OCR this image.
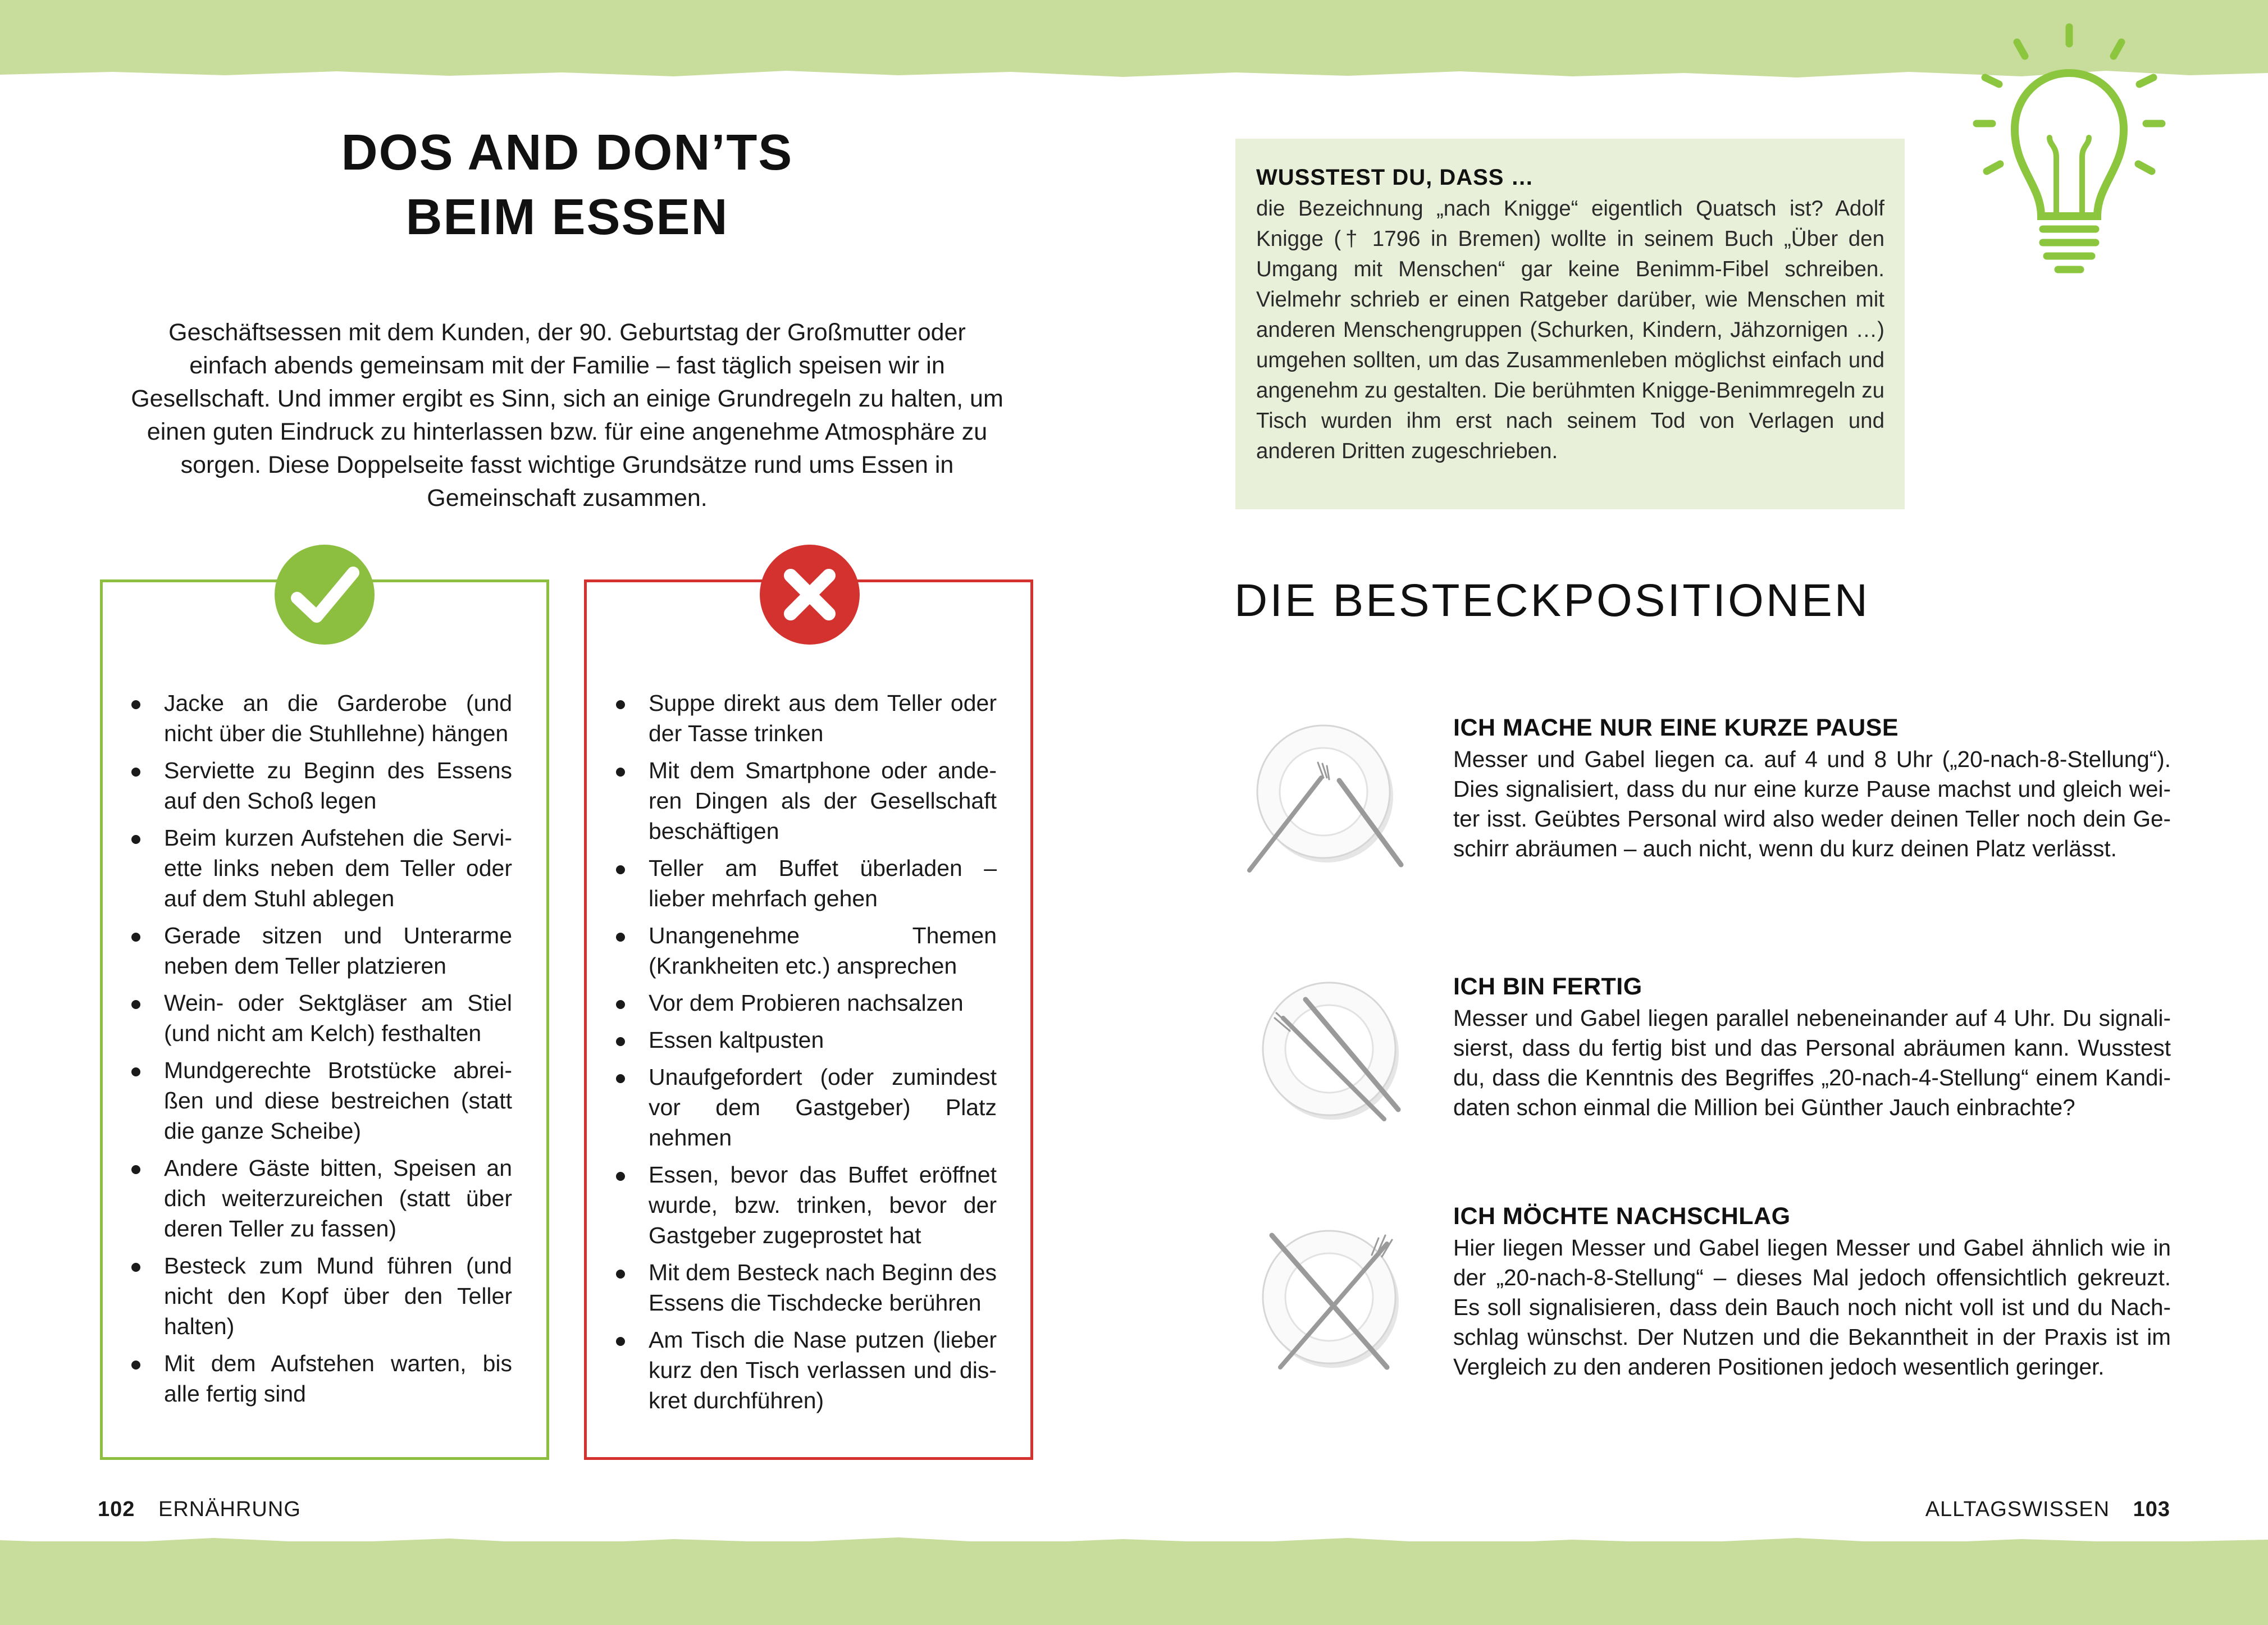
DOS AND DON’TS
BEIM ESSEN
Geschäftsessen mit dem Kunden, der 90. Geburtstag der Großmutter oder einfach abends gemeinsam mit der Familie – fast täglich speisen wir in Gesellschaft. Und immer ergibt es Sinn, sich an einige Grundregeln zu halten, um einen guten Eindruck zu hinterlassen bzw. für eine angenehme Atmosphäre zu sorgen. Diese Doppelseite fasst wichtige Grundsätze rund ums Essen in Gemeinschaft zusammen.
Jacke an die Garderobe (und nicht über die Stuhllehne) hängen
Serviette zu Beginn des Essens auf den Schoß legen
Beim kurzen Aufstehen die Serviette links neben dem Teller oder auf dem Stuhl ablegen
Gerade sitzen und Unterarme neben dem Teller platzieren
Wein- oder Sektgläser am Stiel (und nicht am Kelch) festhalten
Mundgerechte Brotstücke abreißen und diese bestreichen (statt die ganze Scheibe)
Andere Gäste bitten, Speisen an dich weiterzureichen (statt über deren Teller zu fassen)
Besteck zum Mund führen (und nicht den Kopf über den Teller halten)
Mit dem Aufstehen warten, bis alle fertig sind
Suppe direkt aus dem Teller oder der Tasse trinken
Mit dem Smartphone oder anderen Dingen als der Gesellschaft beschäftigen
Teller am Buffet überladen – lieber mehrfach gehen
Unangenehme Themen (Krankheiten etc.) ansprechen
Vor dem Probieren nachsalzen
Essen kaltpusten
Unaufgefordert (oder zumindest vor dem Gastgeber) Platz nehmen
Essen, bevor das Buffet eröffnet wurde, bzw. trinken, bevor der Gastgeber zugeprostet hat
Mit dem Besteck nach Beginn des Essens die Tischdecke berühren
Am Tisch die Nase putzen (lieber kurz den Tisch verlassen und diskret durchführen)
102 ERNÄHRUNG
WUSSTEST DU, DASS …
die Bezeichnung „nach Knigge“ eigentlich Quatsch ist? Adolf Knigge († 1796 in Bremen) wollte in seinem Buch „Über den Umgang mit Menschen“ gar keine Benimm-Fibel schreiben. Vielmehr schrieb er einen Ratgeber darüber, wie Menschen mit anderen Menschengruppen (Schurken, Kindern, Jähzornigen …) umgehen sollten, um das Zusammenleben möglichst einfach und angenehm zu gestalten. Die berühmten Knigge-Benimmregeln zu Tisch wurden ihm erst nach seinem Tod von Verlagen und anderen Dritten zugeschrieben.
DIE BESTECKPOSITIONEN
ICH MACHE NUR EINE KURZE PAUSE
Messer und Gabel liegen ca. auf 4 und 8 Uhr („20-nach-8-Stellung“). Dies signalisiert, dass du nur eine kurze Pause machst und gleich weiter isst. Geübtes Personal wird also weder deinen Teller noch dein Geschirr abräumen – auch nicht, wenn du kurz deinen Platz verlässt.
ICH BIN FERTIG
Messer und Gabel liegen parallel nebeneinander auf 4 Uhr. Du signalisierst, dass du fertig bist und das Personal abräumen kann. Wusstest du, dass die Kenntnis des Begriffes „20-nach-4-Stellung“ einem Kandidaten schon einmal die Million bei Günther Jauch einbrachte?
ICH MÖCHTE NACHSCHLAG
Hier liegen Messer und Gabel liegen Messer und Gabel ähnlich wie in der „20-nach-8-Stellung“ – dieses Mal jedoch offensichtlich gekreuzt. Es soll signalisieren, dass dein Bauch noch nicht voll ist und du Nachschlag wünschst. Der Nutzen und die Bekanntheit in der Praxis ist im Vergleich zu den anderen Positionen jedoch wesentlich geringer.
ALLTAGSWISSEN 103
